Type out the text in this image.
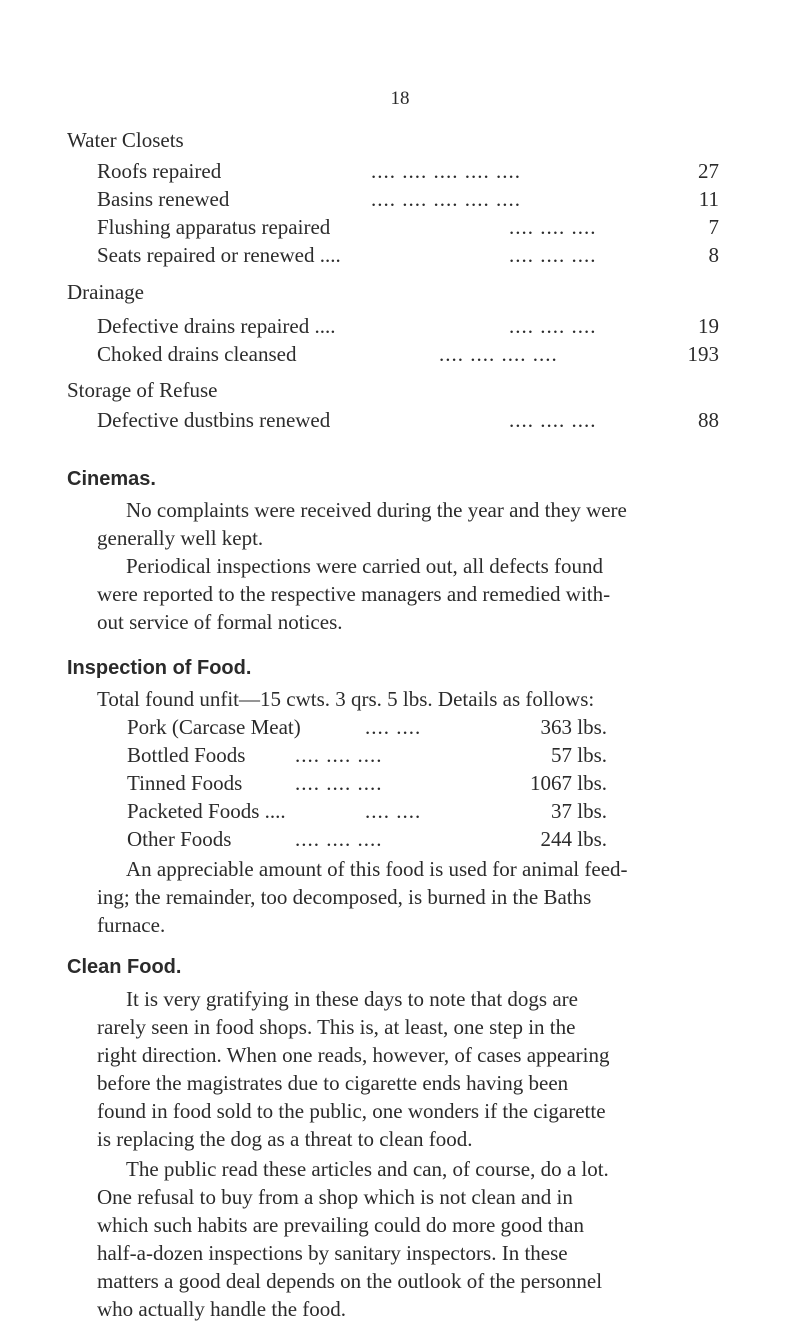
18
Water Closets
Roofs repaired	.... .... .... .... ....	27
Basins renewed	.... .... .... .... ....	11
Flushing apparatus repaired	.... .... ....	7
Seats repaired or renewed ....	.... .... ....	8
Drainage
Defective drains repaired ....	.... .... ....	19
Choked drains cleansed	.... .... .... ....	193
Storage of Refuse
Defective dustbins renewed	.... .... ....	88
Cinemas.
No complaints were received during the year and they were
generally well kept.
Periodical inspections were carried out, all defects found
were reported to the respective managers and remedied with-
out service of formal notices.
Inspection of Food.
Total found unfit—15 cwts. 3 qrs. 5 lbs. Details as follows:
Pork (Carcase Meat)	.... ....	363 lbs.
Bottled Foods .... .... ....	57 lbs.
Tinned Foods	.... .... ....	1067 lbs.
Packeted Foods ....	.... ....	37 lbs.
Other Foods	.... .... ....	244 lbs.
An appreciable amount of this food is used for animal feed-
ing; the remainder, too decomposed, is burned in the Baths
furnace.
Clean Food.
It is very gratifying in these days to note that dogs are
rarely seen in food shops. This is, at least, one step in the
right direction. When one reads, however, of cases appearing
before the magistrates due to cigarette ends having been
found in food sold to the public, one wonders if the cigarette
is replacing the dog as a threat to clean food.
The public read these articles and can, of course, do a lot.
One refusal to buy from a shop which is not clean and in
which such habits are prevailing could do more good than
half-a-dozen inspections by sanitary inspectors. In these
matters a good deal depends on the outlook of the personnel
who actually handle the food.
